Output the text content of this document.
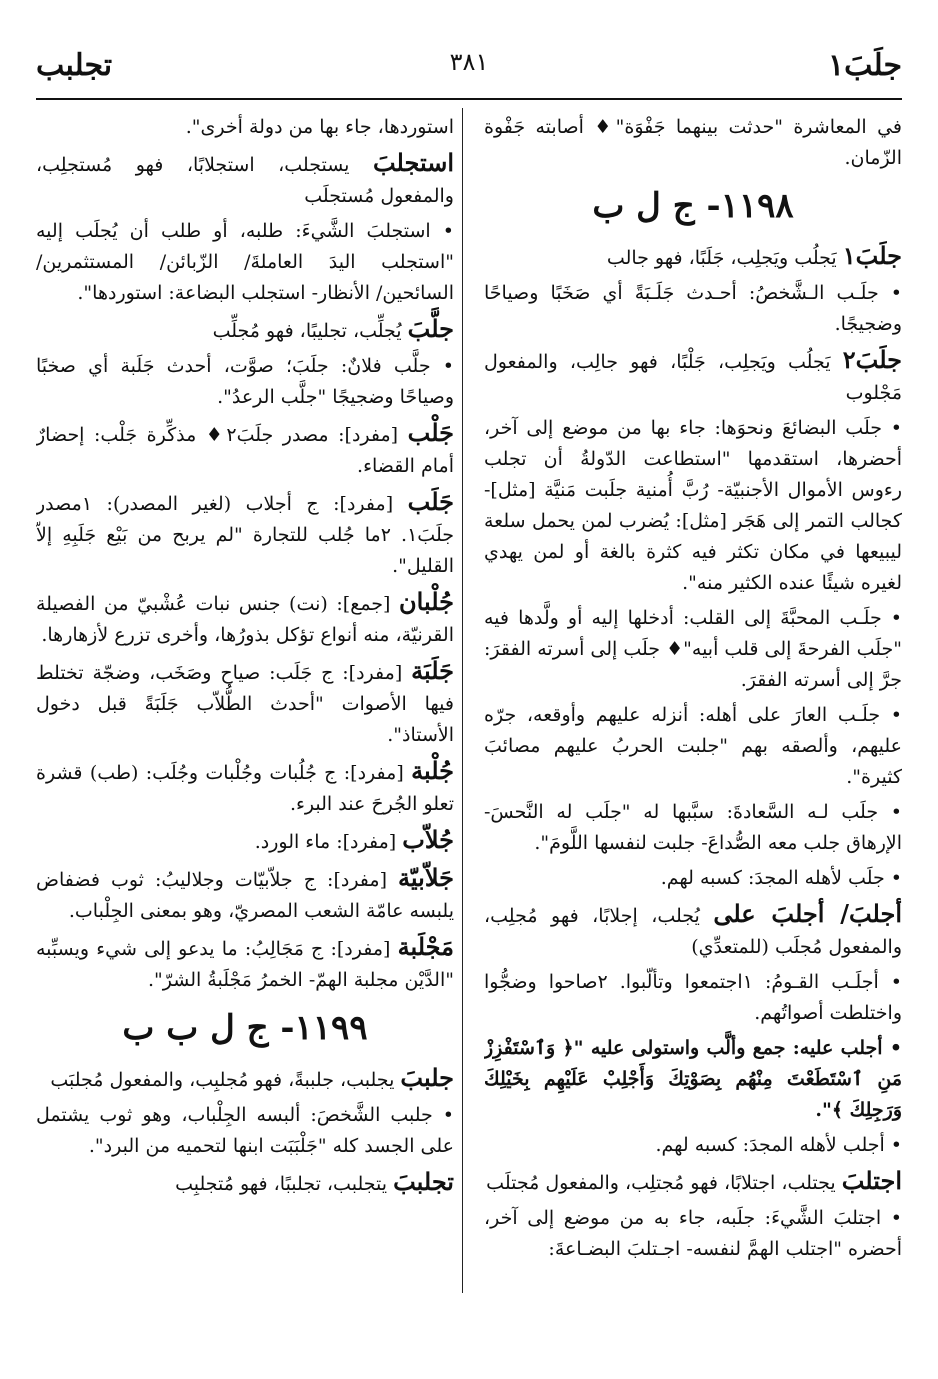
جلَبَ١
٣٨١
تجلبب

في المعاشرة "حدثت بينهما جَفْوَة"♦ أصابته جَفْوة الزّمان.

١١٩٨- ج ل ب

جلَبَ١ يَجلُب ويَجلِب، جَلَبًا، فهو جالب

• جلَـب الـشَّخصُ: أحـدث جَلَـبَةً أي صَخَبًا وصياحًا وضجيجًا.

جلَبَ٢ يَجلُب ويَجلِب، جَلْبًا، فهو جالِب، والمفعول مَجْلوب

• جلَب البضائعَ ونحوَها: جاء بها من موضع إلى آخر، أحضرها، استقدمها "استطاعت الدّولةُ أن تجلب رءوس الأموال الأجنبيّة- رُبَّ أُمنية جلَبت مَنيَّة [مثل]- كجالب التمر إلى هَجَر [مثل]: يُضرب لمن يحمل سلعة ليبيعها في مكان تكثر فيه كثرة بالغة أو لمن يهدي لغيره شيئًا عنده الكثير منه".

• جلَـب المحبَّةَ إلى القلب: أدخلها إليه أو ولَّدها فيه "جلَب الفرحةَ إلى قلب أبيه"♦ جلَب إلى أسرته الفقرَ: جرَّ إلى أسرته الفقرَ.

• جلَـب العارَ على أهله: أنزله عليهم وأوقعه، جرّه عليهم، وألصقه بهم "جلبت الحربُ عليهم مصائبَ كثيرة".

• جلَب لـه السَّعادةَ: سبَّبها له "جلَب له النَّحسَ- الإرهاق جلب معه الصُّداعَ- جلبت لنفسها اللَّومَ".

• جلَب لأهله المجدَ: كسبه لهم.

أجلبَ/ أجلبَ على يُجلب، إجلابًا، فهو مُجلِب، والمفعول مُجلَب (للمتعدِّي)

• أجلَـب القـومُ: ١اجتمعوا وتألّبوا. ٢صاحوا وضجُّوا واختلطت أصواتُهم.

• أجلب عليه: جمع وألَّب واستولى عليه "﴿ وَٱسْتَفْزِزْ مَنِ ٱسْتَطَعْتَ مِنْهُم بِصَوْتِكَ وَأَجْلِبْ عَلَيْهِم بِخَيْلِكَ وَرَجِلِكَ ﴾".

• أجلب لأهله المجدَ: كسبه لهم.

اجتلبَ يجتلب، اجتلابًا، فهو مُجتلِب، والمفعول مُجتلَب

• اجتلبَ الشَّيءَ: جلَبه، جاء به من موضع إلى آخر، أحضره "اجتلب الهمَّ لنفسه- اجـتلبَ البضـاعةَ:

استوردها، جاء بها من دولة أخرى".

استجلبَ يستجلب، استجلابًا، فهو مُستجلِب، والمفعول مُستجلَب

• استجلبَ الشَّيءَ: طلبه، أو طلب أن يُجلَب إليه "استجلب اليدَ العاملةَ/ الزّبائن/ المستثمرين/ السائحين/ الأنظار- استجلب البضاعة: استوردها".

جلَّبَ يُجلِّب، تجليبًا، فهو مُجلِّب

• جلَّب فلانٌ: جلَبَ؛ صوَّت، أحدث جَلَبة أي صخبًا وصياحًا وضجيجًا "جلَّب الرعدُ".

جَلْب [مفرد]: مصدر جلَبَ٢♦ مذكِّرة جَلْب: إحضارٌ أمام القضاء.

جَلَب [مفرد]: ج أجلاب (لغير المصدر): ١مصدر جلَبَ١. ٢ما جُلب للتجارة "لم يربح من بَيْع جَلَبِهِ إلاّ القليل".

جُلْبان [جمع]: (نت) جنس نبات عُشْبيّ من الفصيلة القرنيّة، منه أنواع تؤكل بذورُها، وأخرى تزرع لأزهارها.

جَلَبَة [مفرد]: ج جَلَب: صياح وصَخَب، وضجّة تختلط فيها الأصوات "أحدث الطُّلاّب جَلَبَةً قبل دخول الأستاذ".

جُلْبة [مفرد]: ج جُلُبات وجُلْبات وجُلَب: (طب) قشرة تعلو الجُرحَ عند البرء.

جُلاّب [مفرد]: ماء الورد.

جَلاّبيّة [مفرد]: ج جلاّبيّات وجلاليبُ: ثوب فضفاض يلبسه عامّة الشعب المصريّ، وهو بمعنى الجِلْباب.

مَجْلَبة [مفرد]: ج مَجَالِبُ: ما يدعو إلى شيء ويسبِّبه "الدَّيْن مجلبة الهمّ- الخمرُ مَجْلَبةُ الشرّ".

١١٩٩- ج ل ب ب

جلببَ يجلبب، جلببةً، فهو مُجلبِب، والمفعول مُجلبَب

• جلبب الشَّخصَ: ألبسه الجِلْباب، وهو ثوب يشتمل على الجسد كله "جَلْبَبَت ابنها لتحميه من البرد".

تجلببَ يتجلبب، تجلببًا، فهو مُتجلبِب
